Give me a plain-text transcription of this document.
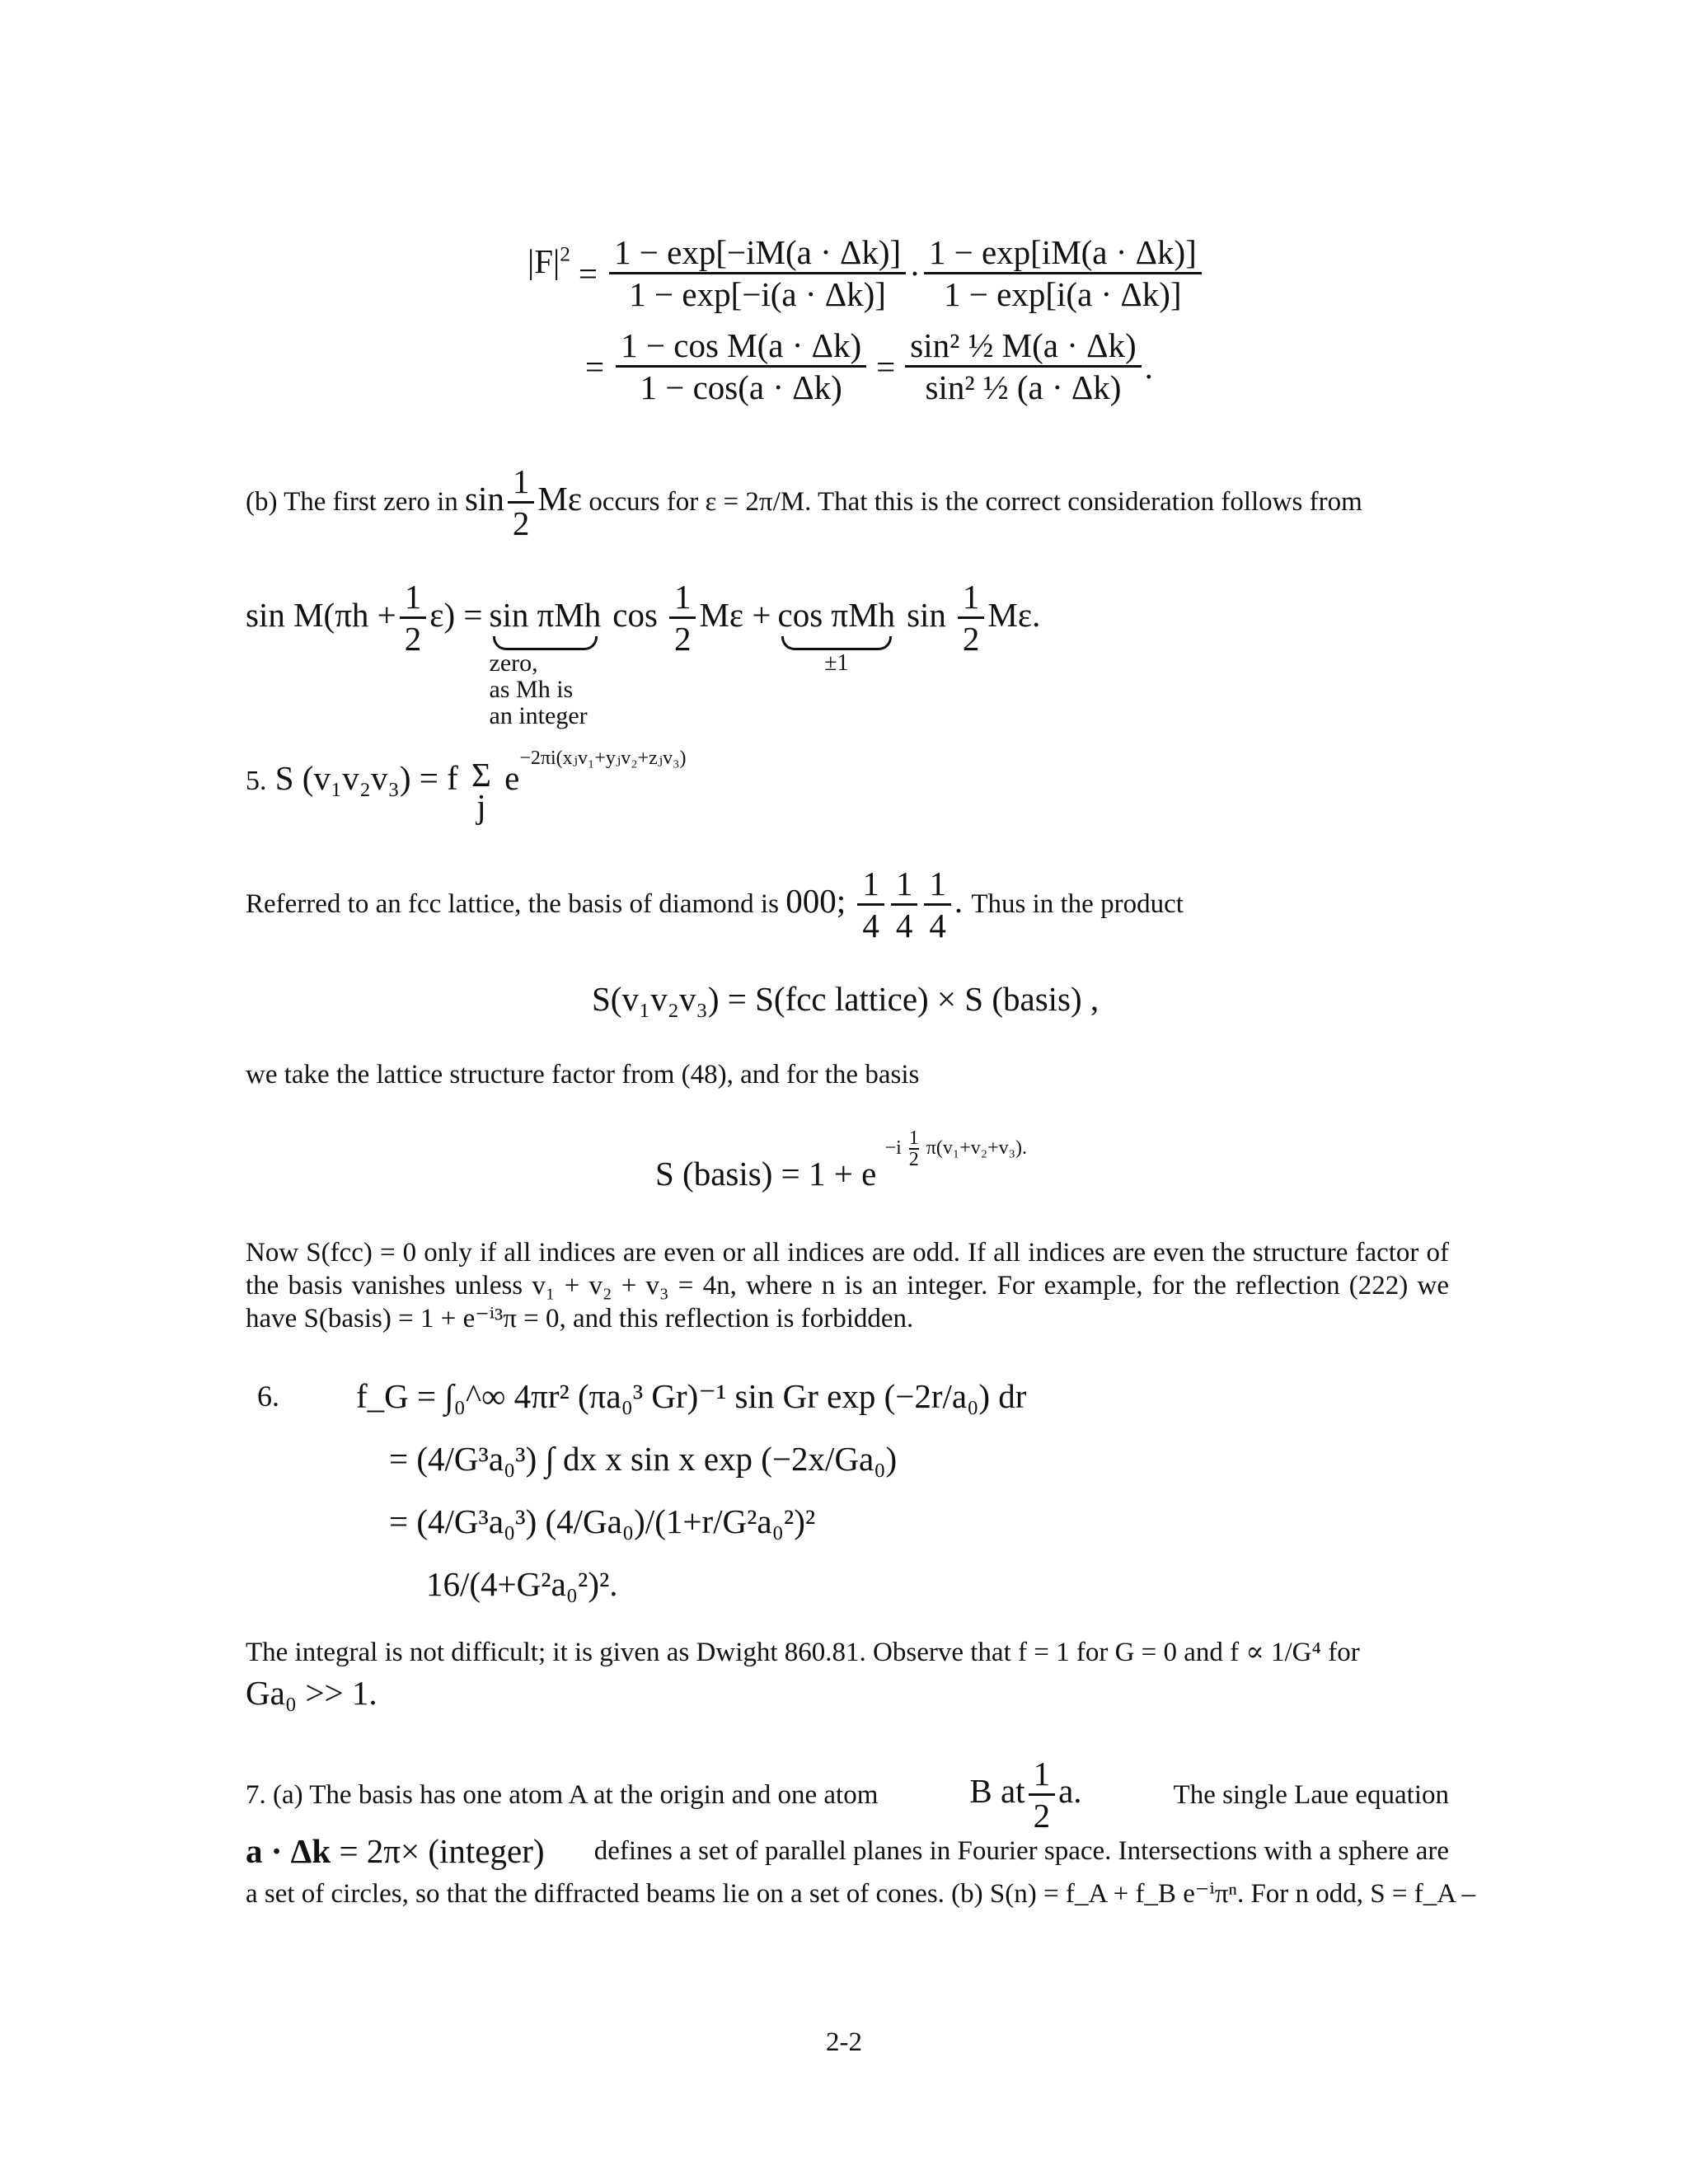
$|F|^2$
= $\frac{1 - \exp[-iM(a \cdot \Delta k)]}{1 - \exp[-i(a \cdot \Delta k)]} \cdot \frac{1 - \exp[iM(a \cdot \Delta k)]}{1 - \exp[i(a \cdot \Delta k)]}$
= $\frac{\text{1 − cos M(a · Δk)}}{1 - \cos(a \cdot \Delta k)} = \frac{\text{sin² ½ M(a · Δk)}}{\text{sin² ½ (a · Δk)}}$ .
(b) The first zero in $\sin \frac{1}{2}$ Mε occurs for ε = 2π/M. That this is the correct consideration follows from
$\sin M(\pi h + \frac{1}{2} \varepsilon) = \sin \pi Mh$
zero,
as Mh is
an integer
$\cos \frac{1}{2}$ Mε + cos πMh
±1
$\sin \frac{1}{2} M\varepsilon$.
5. S (v₁v₂v₃) = f Σ
j
$e^{-2\pi i(xⱼv_1+yⱼv_2+zⱼv_3)}$
Referred to an fcc lattice, the basis of diamond is 000; $\frac{1}{4} \frac{1}{4} \frac{1}{4}$ . Thus in the product
S(v₁v₂v₃) = S(fcc lattice) × S (basis) ,
we take the lattice structure factor from (48), and for the basis
S (basis) = 1 + e $^{-i \frac{1}{2} \pi(v_1+v_2+v_3).}$
Now S(fcc) = 0 only if all indices are even or all indices are odd. If all indices are even the structure factor of the basis vanishes unless v₁ + v₂ + v₃ = 4n, where n is an integer. For example, for the reflection (222) we have S(basis) = 1 + e⁻ⁱ³π = 0, and this reflection is forbidden.
6.	f_G = ∫₀^∞ 4πr² (πa₀³ Gr)⁻¹ sin Gr exp (−2r/a₀) dr
= (4/G³a₀³) ∫ dx x sin x exp (−2x/Ga₀)
= (4/G³a₀³) (4/Ga₀)/(1+r/G²a₀²)²
16/(4+G²a₀²)².
The integral is not difficult; it is given as Dwight 860.81. Observe that f = 1 for G = 0 and f ∝ 1/G⁴ for
Ga₀ >> 1.
7. (a) The basis has one atom A at the origin and one atom	B at $\frac{1}{2} a$.	The single Laue equation
a · Δk = 2π× (integer) defines a set of parallel planes in Fourier space. Intersections with a sphere are
a set of circles, so that the diffracted beams lie on a set of cones. (b) S(n) = f_A + f_B e⁻ⁱπⁿ. For n odd, S = f_A –
2-2
